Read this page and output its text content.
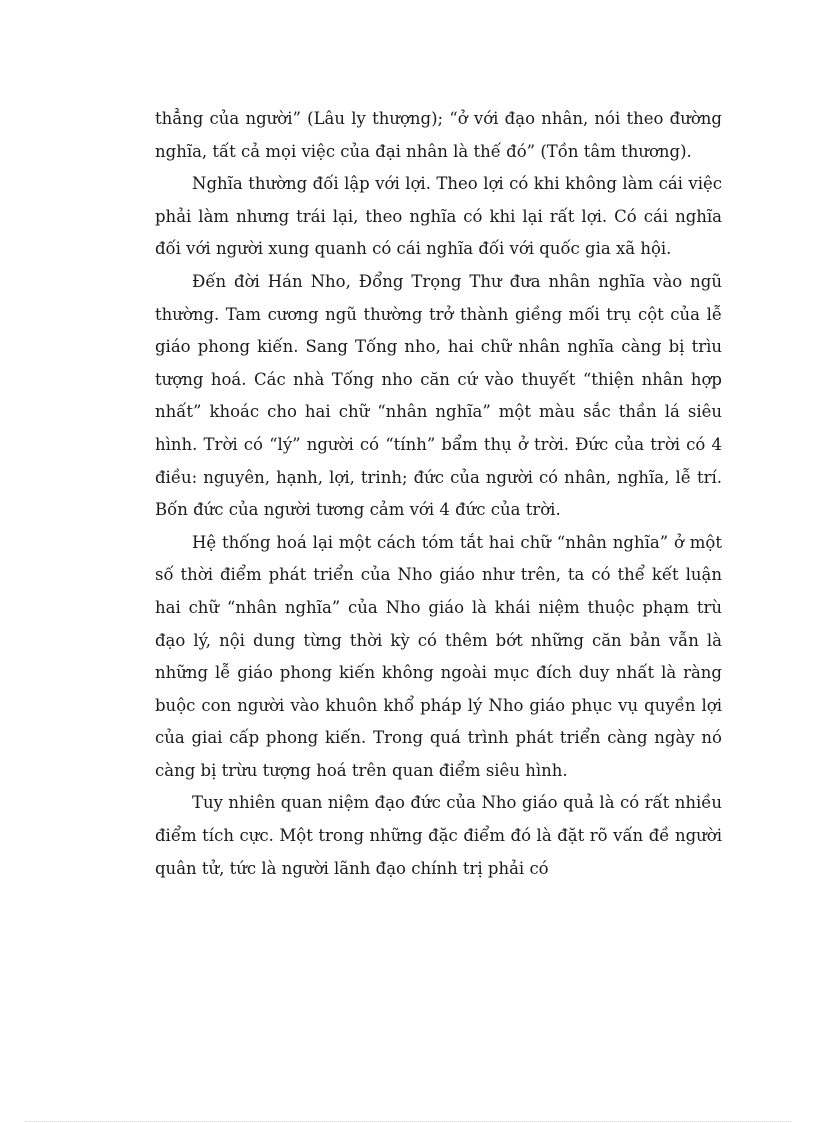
thẳng của người” (Lâu ly thượng); “ở với đạo nhân, nói theo đường nghĩa, tất cả mọi việc của đại nhân là thế đó” (Tồn tâm thương).

Nghĩa thường đối lập với lợi. Theo lợi có khi không làm cái việc phải làm nhưng trái lại, theo nghĩa có khi lại rất lợi. Có cái nghĩa đối với người xung quanh có cái nghĩa đối với quốc gia xã hội.

Đến đời Hán Nho, Đổng Trọng Thư đưa nhân nghĩa vào ngũ thường. Tam cương ngũ thường trở thành giềng mối trụ cột của lễ giáo phong kiến. Sang Tống nho, hai chữ nhân nghĩa càng bị trìu tượng hoá. Các nhà Tống nho căn cứ vào thuyết “thiện nhân hợp nhất” khoác cho hai chữ “nhân nghĩa” một màu sắc thần lá siêu hình. Trời có “lý” người có “tính” bẩm thụ ở trời. Đức của trời có 4 điều: nguyên, hạnh, lợi, trinh; đức của người có nhân, nghĩa, lễ trí. Bốn đức của người tương cảm với 4 đức của trời.

Hệ thống hoá lại một cách tóm tắt hai chữ “nhân nghĩa” ở một số thời điểm phát triển của Nho giáo như trên, ta có thể kết luận hai chữ “nhân nghĩa” của Nho giáo là khái niệm thuộc phạm trù đạo lý, nội dung từng thời kỳ có thêm bớt những căn bản vẫn là những lễ giáo phong kiến không ngoài mục đích duy nhất là ràng buộc con người vào khuôn khổ pháp lý Nho giáo phục vụ quyền lợi của giai cấp phong kiến. Trong quá trình phát triển càng ngày nó càng bị trừu tượng hoá trên quan điểm siêu hình.

Tuy nhiên quan niệm đạo đức của Nho giáo quả là có rất nhiều điểm tích cực. Một trong những đặc điểm đó là đặt rõ vấn đề người quân tử, tức là người lãnh đạo chính trị phải có
